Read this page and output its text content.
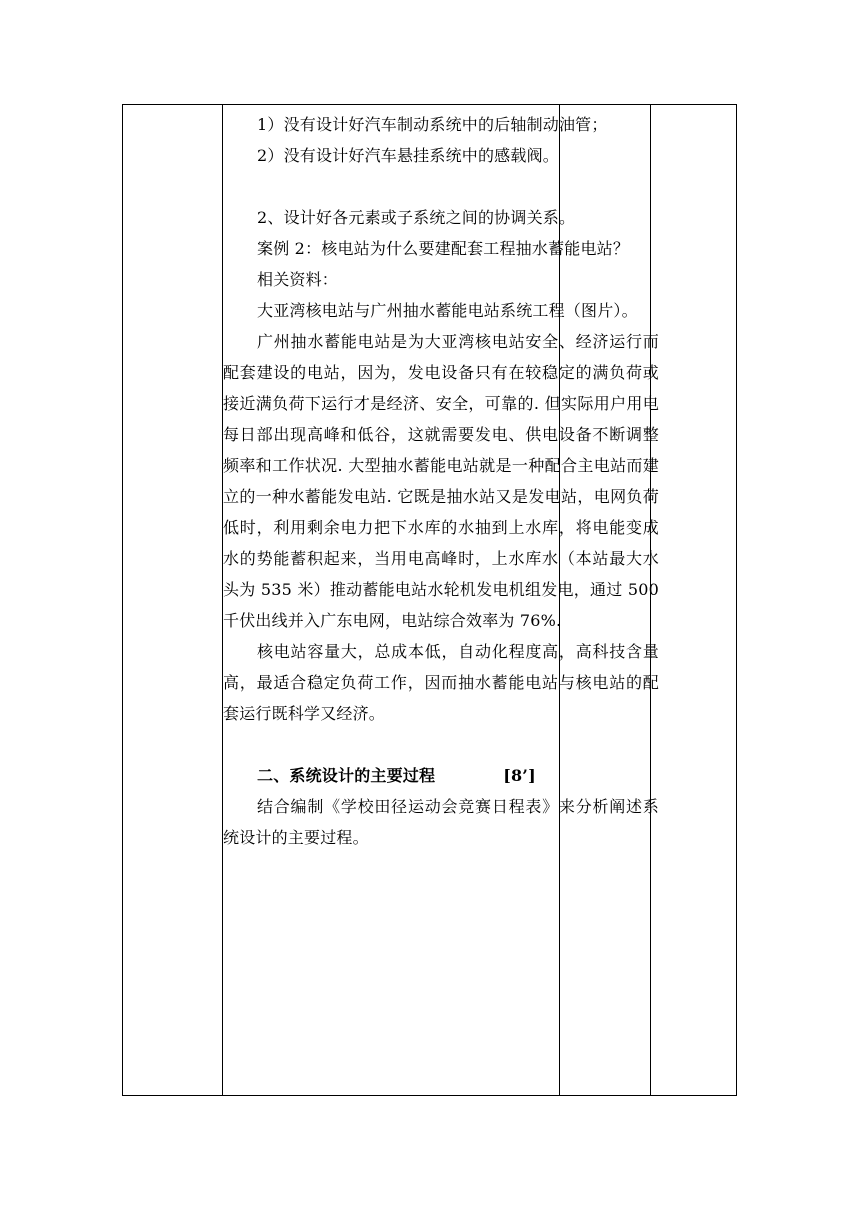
1）没有设计好汽车制动系统中的后轴制动油管；

2）没有设计好汽车悬挂系统中的感载阀。

2、设计好各元素或子系统之间的协调关系。

案例 2：核电站为什么要建配套工程抽水蓄能电站？

相关资料：

大亚湾核电站与广州抽水蓄能电站系统工程（图片）。

广州抽水蓄能电站是为大亚湾核电站安全、经济运行而配套建设的电站，因为，发电设备只有在较稳定的满负荷或接近满负荷下运行才是经济、安全，可靠的. 但实际用户用电每日部出现高峰和低谷，这就需要发电、供电设备不断调整频率和工作状况. 大型抽水蓄能电站就是一种配合主电站而建立的一种水蓄能发电站. 它既是抽水站又是发电站，电网负荷低时，利用剩余电力把下水库的水抽到上水库，将电能变成水的势能蓄积起来，当用电高峰时，上水库水（本站最大水头为 535 米）推动蓄能电站水轮机发电机组发电，通过 500 千伏出线并入广东电网，电站综合效率为 76%.

核电站容量大，总成本低，自动化程度高，高科技含量高，最适合稳定负荷工作，因而抽水蓄能电站与核电站的配套运行既科学又经济。

二、系统设计的主要过程	[8’]

结合编制《学校田径运动会竞赛日程表》来分析阐述系统设计的主要过程。
